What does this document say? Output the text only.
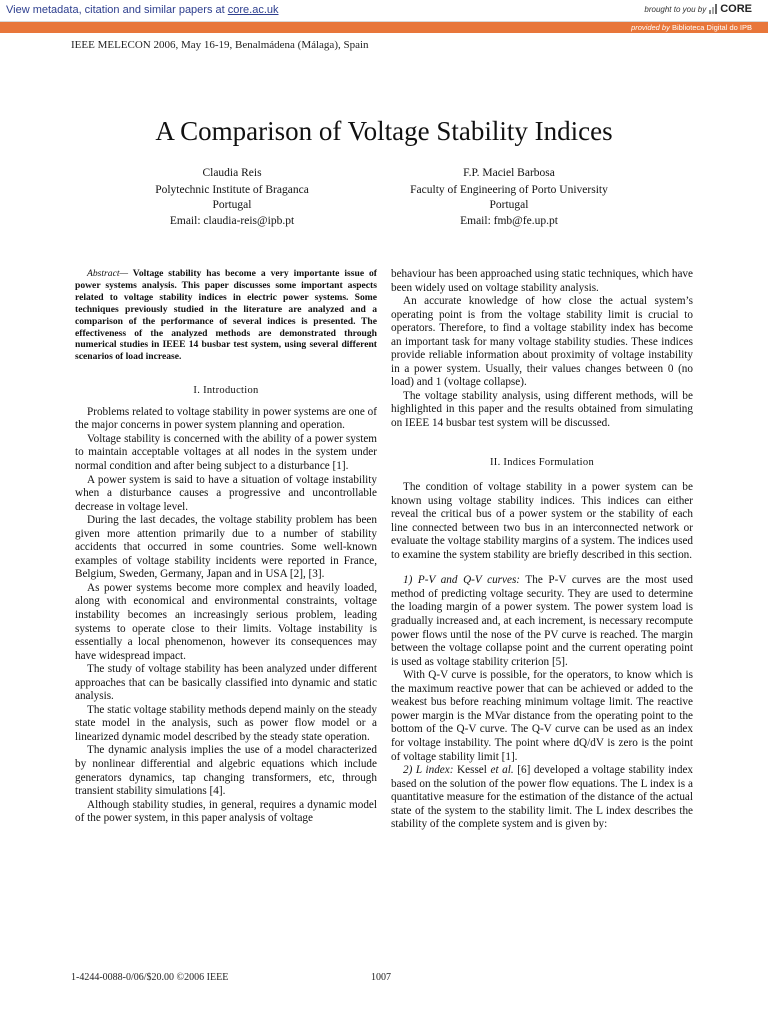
View metadata, citation and similar papers at core.ac.uk	brought to you by CORE
provided by Biblioteca Digital do IPB
IEEE MELECON 2006, May 16-19, Benalmádena (Málaga), Spain
A Comparison of Voltage Stability Indices
Claudia Reis
Polytechnic Institute of Braganca
Portugal
Email: claudia-reis@ipb.pt
F.P. Maciel Barbosa
Faculty of Engineering of Porto University
Portugal
Email: fmb@fe.up.pt

Abstract— Voltage stability has become a very importante issue of power systems analysis. This paper discusses some important aspects related to voltage stability indices in electric power systems. Some techniques previously studied in the literature are analyzed and a comparison of the performance of several indices is presented. The effectiveness of the analyzed methods are demonstrated through numerical studies in IEEE 14 busbar test system, using several different scenarios of load increase.

I. Introduction

Problems related to voltage stability in power systems are one of the major concerns in power system planning and operation.

Voltage stability is concerned with the ability of a power system to maintain acceptable voltages at all nodes in the system under normal condition and after being subject to a disturbance [1].

A power system is said to have a situation of voltage instability when a disturbance causes a progressive and uncontrollable decrease in voltage level.

During the last decades, the voltage stability problem has been given more attention primarily due to a number of stability accidents that occurred in some countries. Some well-known examples of voltage stability incidents were reported in France, Belgium, Sweden, Germany, Japan and in USA [2], [3].

As power systems become more complex and heavily loaded, along with economical and environmental constraints, voltage instability becomes an increasingly serious problem, leading systems to operate close to their limits. Voltage instability is essentially a local phenomenon, however its consequences may have widespread impact.

The study of voltage stability has been analyzed under different approaches that can be basically classified into dynamic and static analysis.

The static voltage stability methods depend mainly on the steady state model in the analysis, such as power flow model or a linearized dynamic model described by the steady state operation.

The dynamic analysis implies the use of a model characterized by nonlinear differential and algebric equations which include generators dynamics, tap changing transformers, etc, through transient stability simulations [4].

Although stability studies, in general, requires a dynamic model of the power system, in this paper analysis of voltage

behaviour has been approached using static techniques, which have been widely used on voltage stability analysis.

An accurate knowledge of how close the actual system’s operating point is from the voltage stability limit is crucial to operators. Therefore, to find a voltage stability index has become an important task for many voltage stability studies. These indices provide reliable information about proximity of voltage instability in a power system. Usually, their values changes between 0 (no load) and 1 (voltage collapse).

The voltage stability analysis, using different methods, will be highlighted in this paper and the results obtained from simulating on IEEE 14 busbar test system will be discussed.

II. Indices Formulation

The condition of voltage stability in a power system can be known using voltage stability indices. This indices can either reveal the critical bus of a power system or the stability of each line connected between two bus in an interconnected network or evaluate the voltage stability margins of a system. The indices used to examine the system stability are briefly described in this section.

1) P-V and Q-V curves: The P-V curves are the most used method of predicting voltage security. They are used to determine the loading margin of a power system. The power system load is gradually increased and, at each increment, is necessary recompute power flows until the nose of the PV curve is reached. The margin between the voltage collapse point and the current operating point is used as voltage stability criterion [5].

With Q-V curve is possible, for the operators, to know which is the maximum reactive power that can be achieved or added to the weakest bus before reaching minimum voltage limit. The reactive power margin is the MVar distance from the operating point to the bottom of the Q-V curve. The Q-V curve can be used as an index for voltage instability. The point where dQ/dV is zero is the point of voltage stability limit [1].

2) L index: Kessel et al. [6] developed a voltage stability index based on the solution of the power flow equations. The L index is a quantitative measure for the estimation of the distance of the actual state of the system to the stability limit. The L index describes the stability of the complete system and is given by:

1-4244-0088-0/06/$20.00 ©2006 IEEE	1007
